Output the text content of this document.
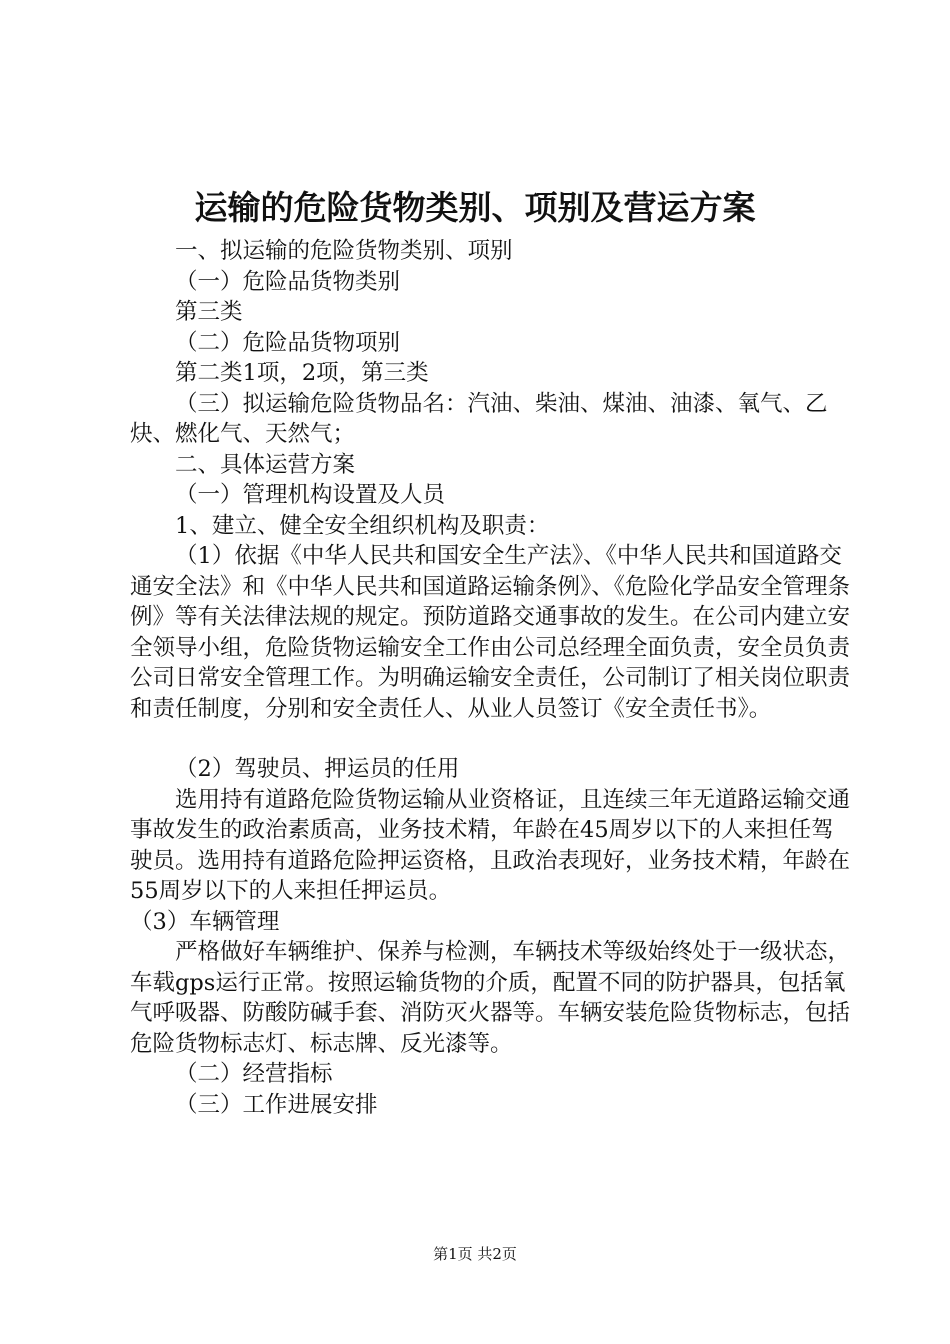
运输的危险货物类别、项别及营运方案

一、拟运输的危险货物类别、项别

（一）危险品货物类别

第三类

（二）危险品货物项别

第二类1项，2项，第三类

（三）拟运输危险货物品名：汽油、柴油、煤油、油漆、氧气、乙炔、燃化气、天然气；

二、具体运营方案

（一）管理机构设置及人员

1、建立、健全安全组织机构及职责：

（1）依据《中华人民共和国安全生产法》、《中华人民共和国道路交通安全法》和《中华人民共和国道路运输条例》、《危险化学品安全管理条例》等有关法律法规的规定。预防道路交通事故的发生。在公司内建立安全领导小组，危险货物运输安全工作由公司总经理全面负责，安全员负责公司日常安全管理工作。为明确运输安全责任，公司制订了相关岗位职责和责任制度，分别和安全责任人、从业人员签订《安全责任书》。

（2）驾驶员、押运员的任用

选用持有道路危险货物运输从业资格证，且连续三年无道路运输交通事故发生的政治素质高，业务技术精，年龄在45周岁以下的人来担任驾驶员。选用持有道路危险押运资格，且政治表现好，业务技术精，年龄在55周岁以下的人来担任押运员。

（3）车辆管理

严格做好车辆维护、保养与检测，车辆技术等级始终处于一级状态，车载gps运行正常。按照运输货物的介质，配置不同的防护器具，包括氧气呼吸器、防酸防碱手套、消防灭火器等。车辆安装危险货物标志，包括危险货物标志灯、标志牌、反光漆等。

（二）经营指标

（三）工作进展安排

第1页 共2页
